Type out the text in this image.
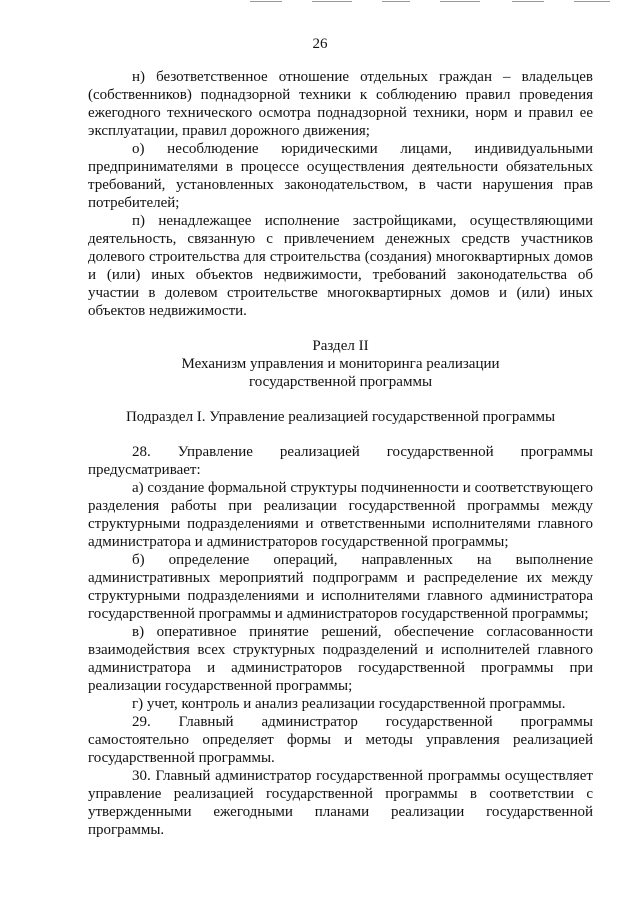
26

н) безответственное отношение отдельных граждан – владельцев (собственников) поднадзорной техники к соблюдению правил проведения ежегодного технического осмотра поднадзорной техники, норм и правил ее эксплуатации, правил дорожного движения;

о) несоблюдение юридическими лицами, индивидуальными предпринимателями в процессе осуществления деятельности обязательных требований, установленных законодательством, в части нарушения прав потребителей;

п) ненадлежащее исполнение застройщиками, осуществляющими деятельность, связанную с привлечением денежных средств участников долевого строительства для строительства (создания) многоквартирных домов и (или) иных объектов недвижимости, требований законодательства об участии в долевом строительстве многоквартирных домов и (или) иных объектов недвижимости.

Раздел II

Механизм управления и мониторинга реализации

государственной программы

Подраздел I. Управление реализацией государственной программы

28. Управление реализацией государственной программы предусматривает:

а) создание формальной структуры подчиненности и соответствующего разделения работы при реализации государственной программы между структурными подразделениями и ответственными исполнителями главного администратора и администраторов государственной программы;

б) определение операций, направленных на выполнение административных мероприятий подпрограмм и распределение их между структурными подразделениями и исполнителями главного администратора государственной программы и администраторов государственной программы;

в) оперативное принятие решений, обеспечение согласованности взаимодействия всех структурных подразделений и исполнителей главного администратора и администраторов государственной программы при реализации государственной программы;

г) учет, контроль и анализ реализации государственной программы.

29. Главный администратор государственной программы самостоятельно определяет формы и методы управления реализацией государственной программы.

30. Главный администратор государственной программы осуществляет управление реализацией государственной программы в соответствии с утвержденными ежегодными планами реализации государственной программы.
